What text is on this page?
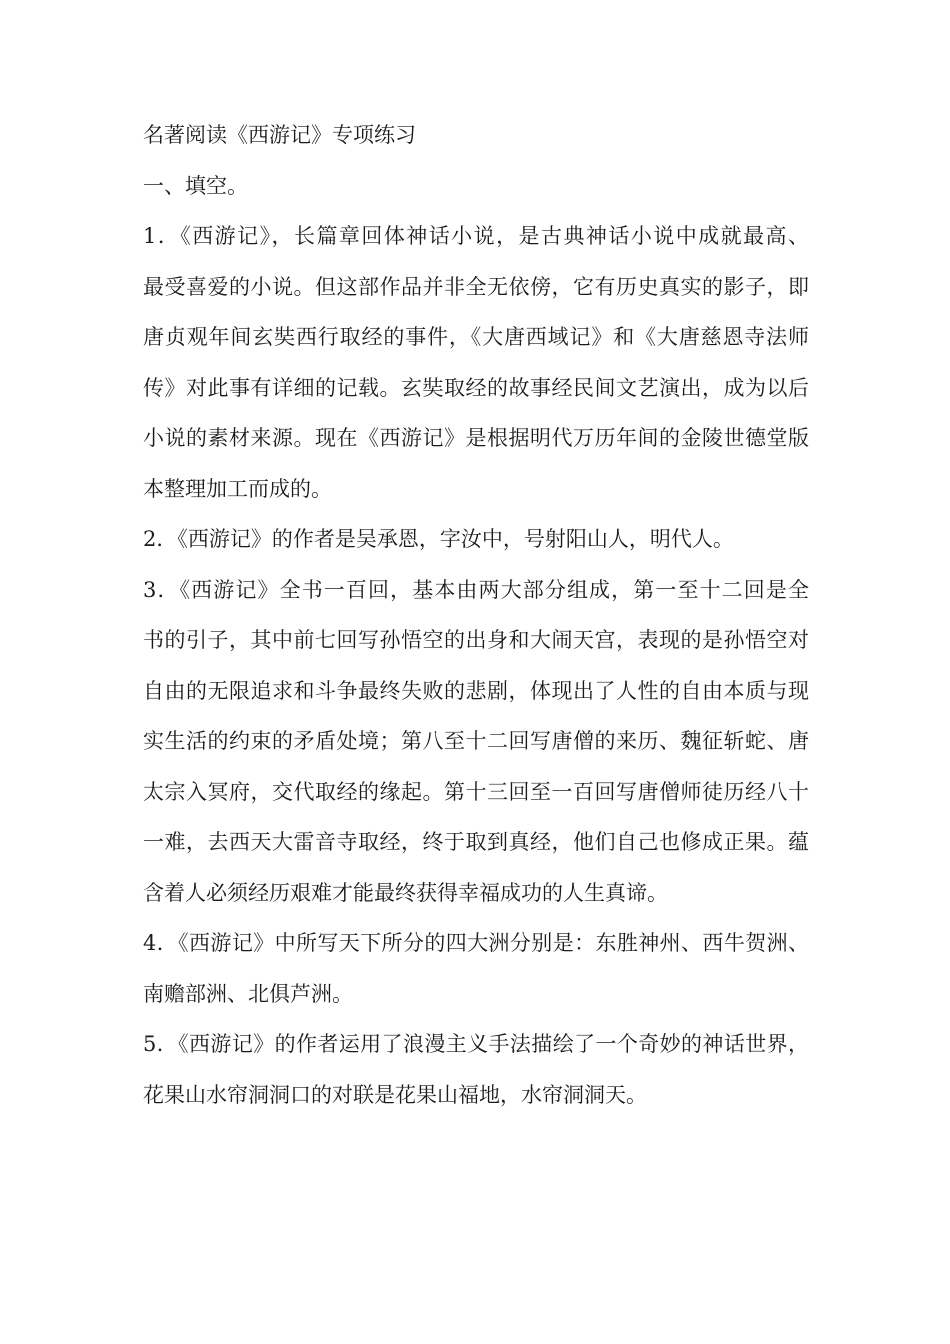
名著阅读《西游记》专项练习
一、填空。
1．《西游记》，长篇章回体神话小说，是古典神话小说中成就最高、
最受喜爱的小说。但这部作品并非全无依傍，它有历史真实的影子，即
唐贞观年间玄奘西行取经的事件，《大唐西域记》和《大唐慈恩寺法师
传》对此事有详细的记载。玄奘取经的故事经民间文艺演出，成为以后
小说的素材来源。现在《西游记》是根据明代万历年间的金陵世德堂版
本整理加工而成的。
2．《西游记》的作者是吴承恩，字汝中，号射阳山人，明代人。
3．《西游记》全书一百回，基本由两大部分组成，第一至十二回是全
书的引子，其中前七回写孙悟空的出身和大闹天宫，表现的是孙悟空对
自由的无限追求和斗争最终失败的悲剧，体现出了人性的自由本质与现
实生活的约束的矛盾处境；第八至十二回写唐僧的来历、魏征斩蛇、唐
太宗入冥府，交代取经的缘起。第十三回至一百回写唐僧师徒历经八十
一难，去西天大雷音寺取经，终于取到真经，他们自己也修成正果。蕴
含着人必须经历艰难才能最终获得幸福成功的人生真谛。
4．《西游记》中所写天下所分的四大洲分别是：东胜神州、西牛贺洲、
南赡部洲、北俱芦洲。
5．《西游记》的作者运用了浪漫主义手法描绘了一个奇妙的神话世界，
花果山水帘洞洞口的对联是花果山福地，水帘洞洞天。
